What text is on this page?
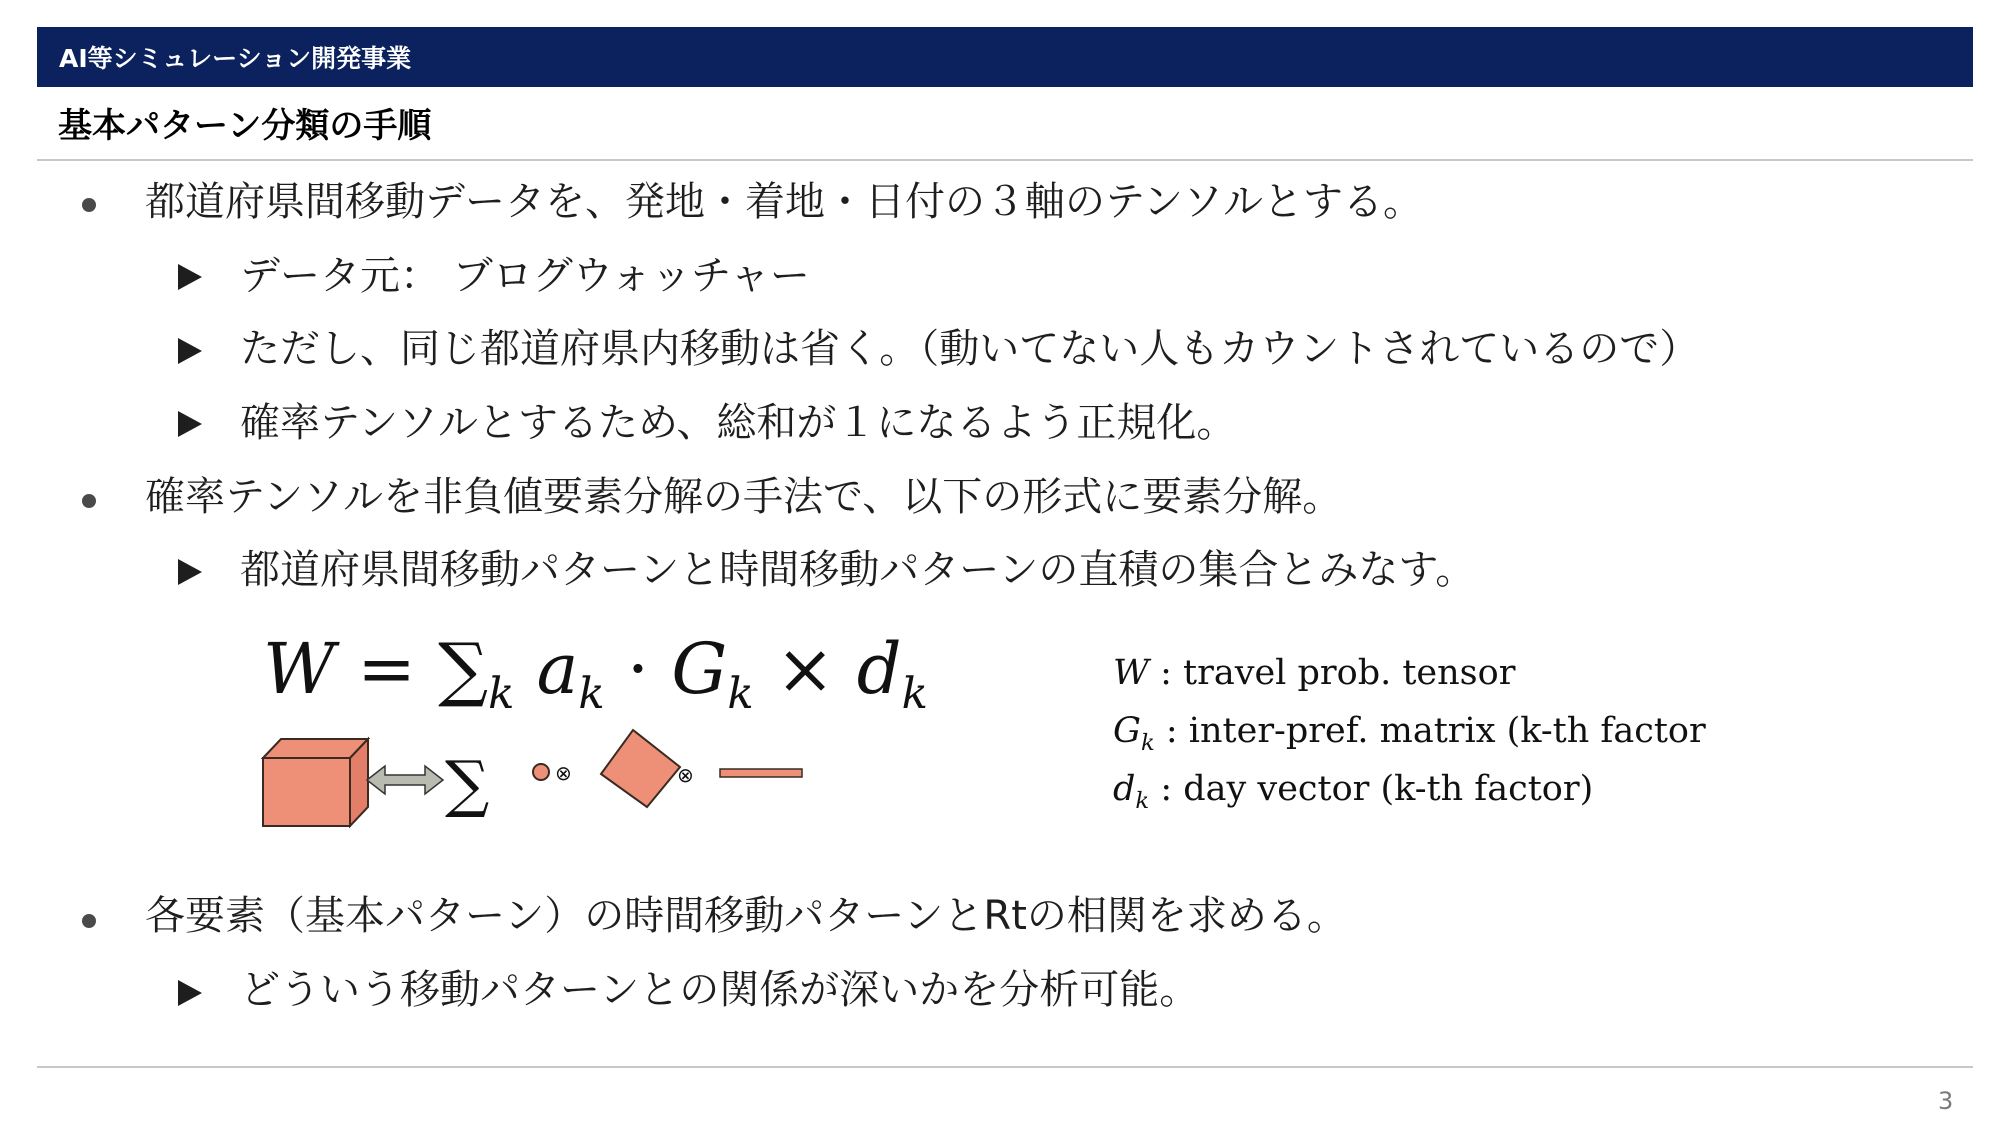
AI等シミュレーション開発事業
基本パターン分類の手順
都道府県間移動データを、発地・着地・日付の３軸のテンソルとする。
データ元： ブログウォッチャー
ただし、同じ都道府県内移動は省く。（動いてない人もカウントされているので）
確率テンソルとするため、総和が１になるよう正規化。
確率テンソルを非負値要素分解の手法で、以下の形式に要素分解。
都道府県間移動パターンと時間移動パターンの直積の集合とみなす。
$W = \sum_k$ $a_k \cdot G_k \times d_k$	W : travel prob. tensor
$G_k$ : inter-pref. matrix (k-th factor
$d_k$ : day vector (k-th factor)
∑	⊗	⊗
各要素（基本パターン）の時間移動パターンとRtの相関を求める。
どういう移動パターンとの関係が深いかを分析可能。
3
